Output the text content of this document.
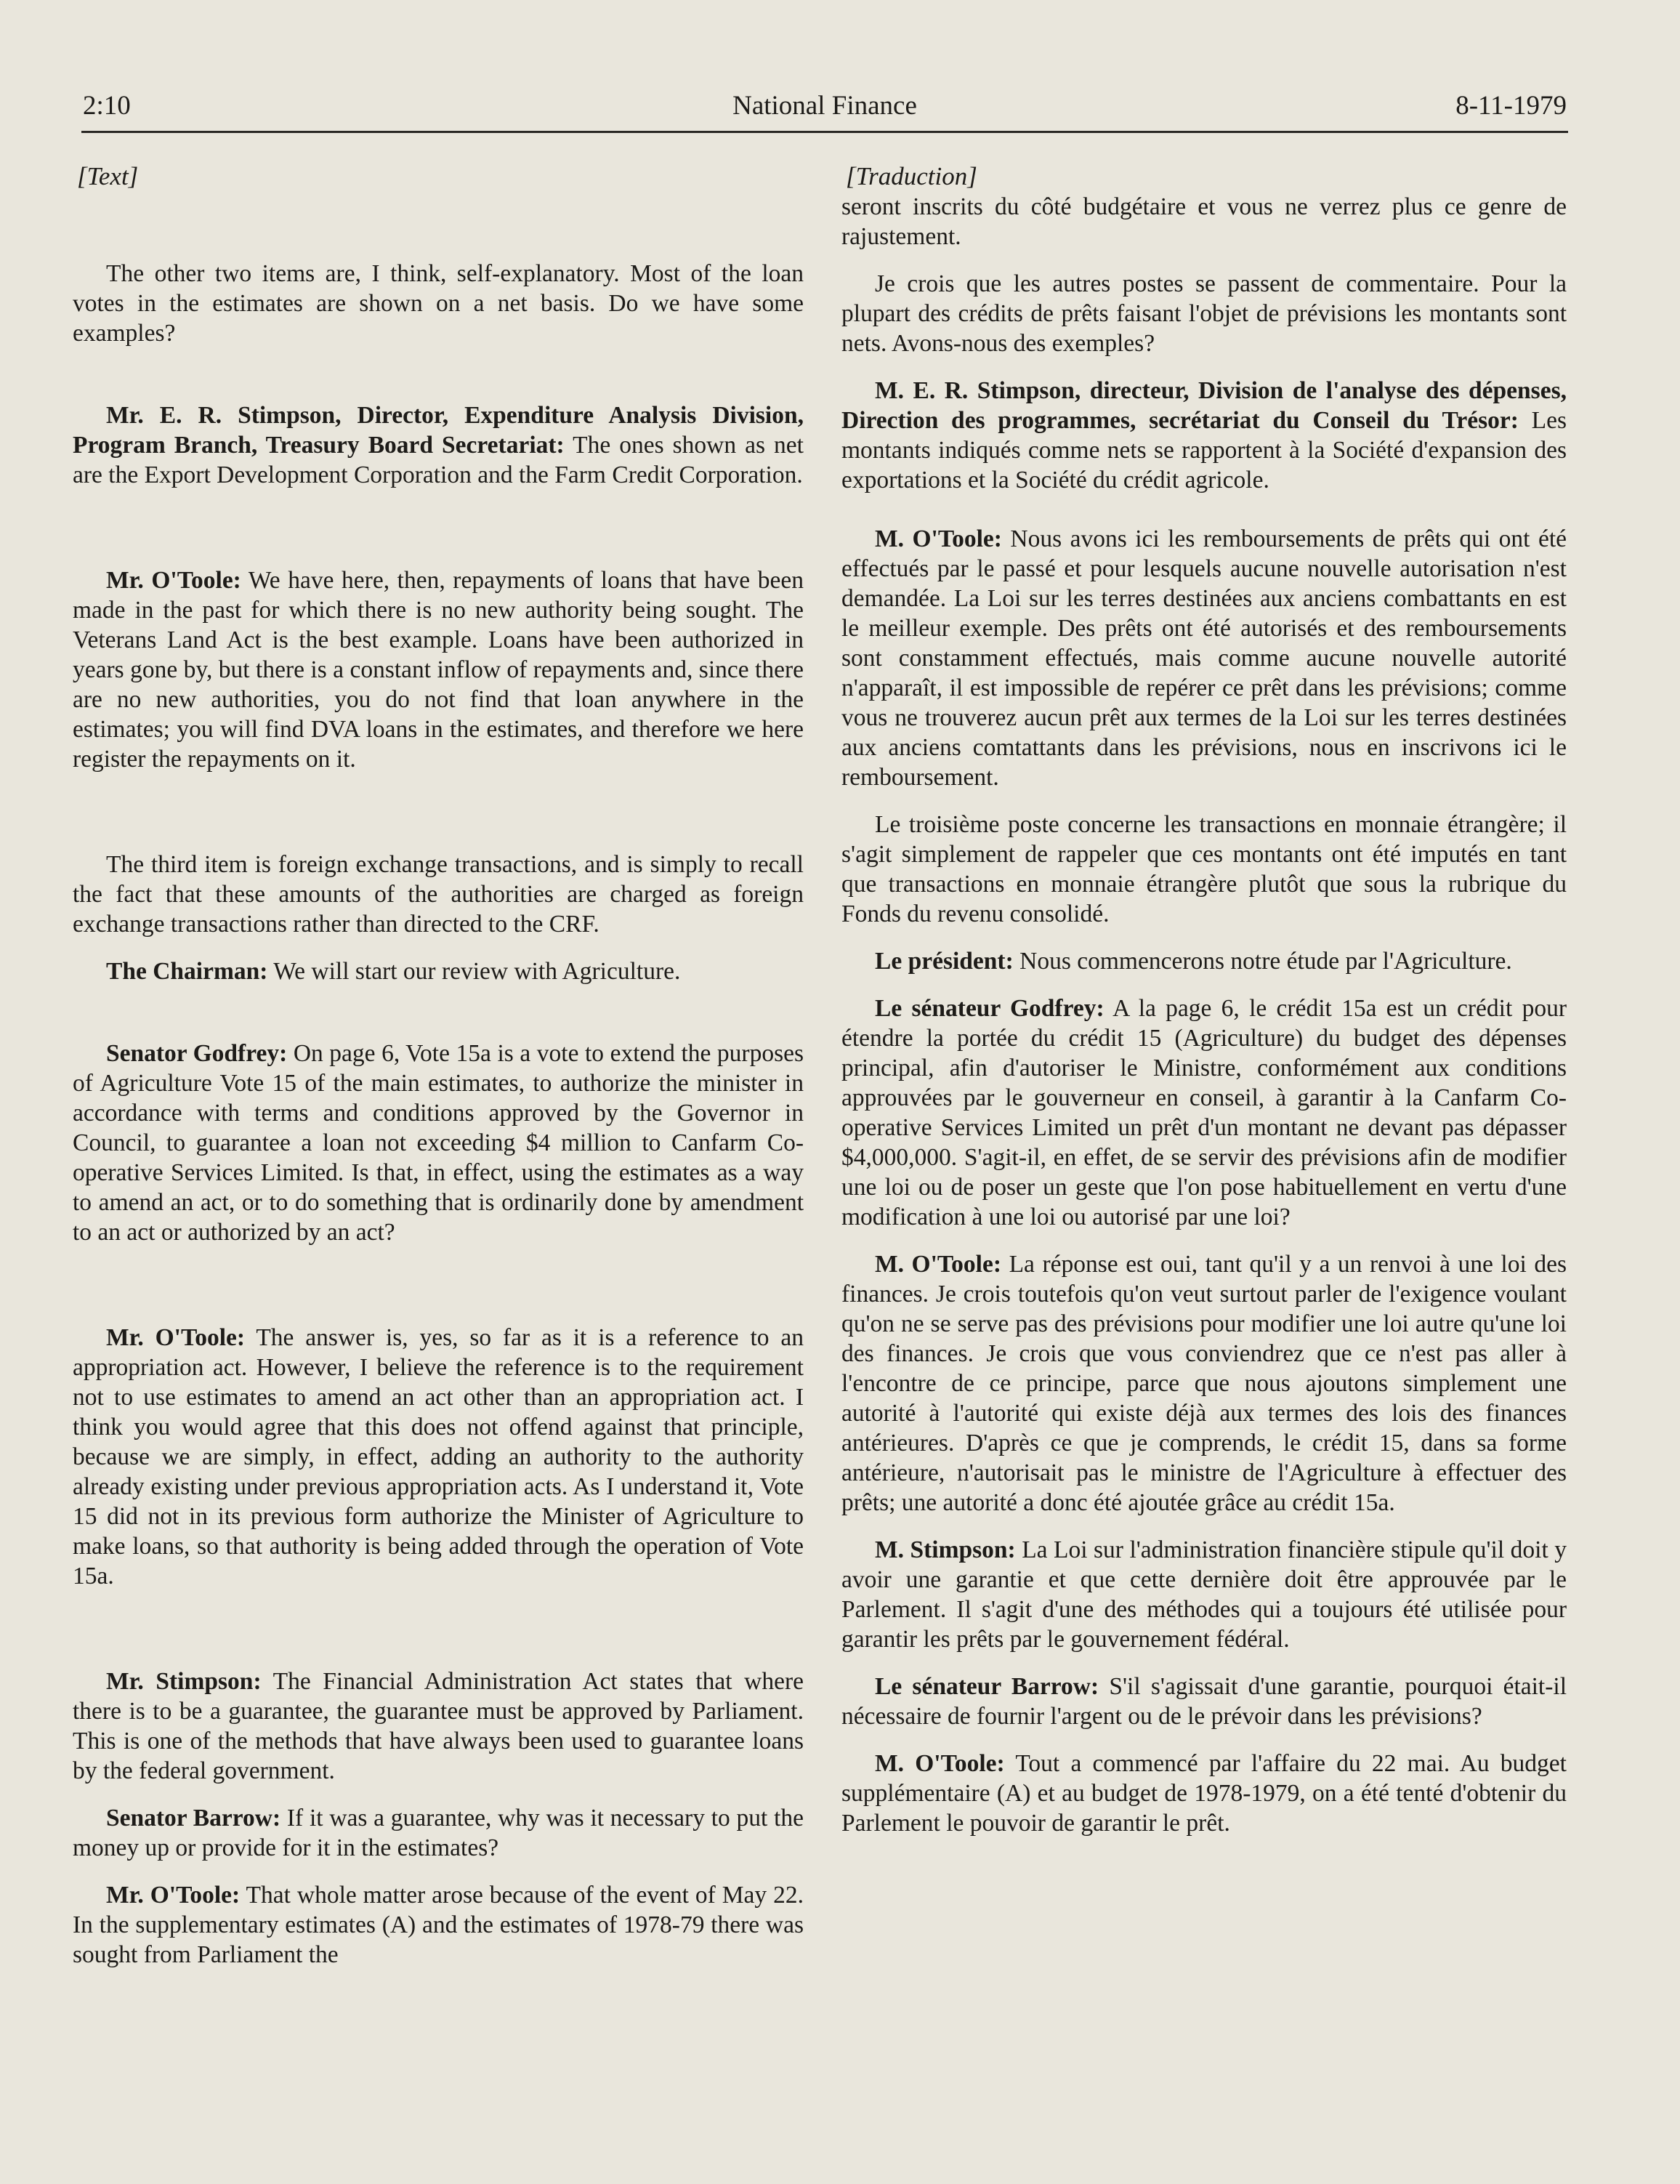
2:10	National Finance	8-11-1979
[Text]

The other two items are, I think, self-explanatory. Most of the loan votes in the estimates are shown on a net basis. Do we have some examples?

Mr. E. R. Stimpson, Director, Expenditure Analysis Division, Program Branch, Treasury Board Secretariat: The ones shown as net are the Export Development Corporation and the Farm Credit Corporation.

Mr. O'Toole: We have here, then, repayments of loans that have been made in the past for which there is no new authority being sought. The Veterans Land Act is the best example. Loans have been authorized in years gone by, but there is a constant inflow of repayments and, since there are no new authorities, you do not find that loan anywhere in the estimates; you will find DVA loans in the estimates, and therefore we here register the repayments on it.

The third item is foreign exchange transactions, and is simply to recall the fact that these amounts of the authorities are charged as foreign exchange transactions rather than directed to the CRF.

The Chairman: We will start our review with Agriculture.

Senator Godfrey: On page 6, Vote 15a is a vote to extend the purposes of Agriculture Vote 15 of the main estimates, to authorize the minister in accordance with terms and conditions approved by the Governor in Council, to guarantee a loan not exceeding $4 million to Canfarm Co-operative Services Limited. Is that, in effect, using the estimates as a way to amend an act, or to do something that is ordinarily done by amendment to an act or authorized by an act?

Mr. O'Toole: The answer is, yes, so far as it is a reference to an appropriation act. However, I believe the reference is to the requirement not to use estimates to amend an act other than an appropriation act. I think you would agree that this does not offend against that principle, because we are simply, in effect, adding an authority to the authority already existing under previous appropriation acts. As I understand it, Vote 15 did not in its previous form authorize the Minister of Agriculture to make loans, so that authority is being added through the operation of Vote 15a.

Mr. Stimpson: The Financial Administration Act states that where there is to be a guarantee, the guarantee must be approved by Parliament. This is one of the methods that have always been used to guarantee loans by the federal government.

Senator Barrow: If it was a guarantee, why was it necessary to put the money up or provide for it in the estimates?

Mr. O'Toole: That whole matter arose because of the event of May 22. In the supplementary estimates (A) and the estimates of 1978-79 there was sought from Parliament the

[Traduction]

seront inscrits du côté budgétaire et vous ne verrez plus ce genre de rajustement.

Je crois que les autres postes se passent de commentaire. Pour la plupart des crédits de prêts faisant l'objet de prévisions les montants sont nets. Avons-nous des exemples?

M. E. R. Stimpson, directeur, Division de l'analyse des dépenses, Direction des programmes, secrétariat du Conseil du Trésor: Les montants indiqués comme nets se rapportent à la Société d'expansion des exportations et la Société du crédit agricole.

M. O'Toole: Nous avons ici les remboursements de prêts qui ont été effectués par le passé et pour lesquels aucune nouvelle autorisation n'est demandée. La Loi sur les terres destinées aux anciens combattants en est le meilleur exemple. Des prêts ont été autorisés et des remboursements sont constamment effectués, mais comme aucune nouvelle autorité n'apparaît, il est impossible de repérer ce prêt dans les prévisions; comme vous ne trouverez aucun prêt aux termes de la Loi sur les terres destinées aux anciens comtattants dans les prévisions, nous en inscrivons ici le remboursement.

Le troisième poste concerne les transactions en monnaie étrangère; il s'agit simplement de rappeler que ces montants ont été imputés en tant que transactions en monnaie étrangère plutôt que sous la rubrique du Fonds du revenu consolidé.

Le président: Nous commencerons notre étude par l'Agriculture.

Le sénateur Godfrey: A la page 6, le crédit 15a est un crédit pour étendre la portée du crédit 15 (Agriculture) du budget des dépenses principal, afin d'autoriser le Ministre, conformément aux conditions approuvées par le gouverneur en conseil, à garantir à la Canfarm Co-operative Services Limited un prêt d'un montant ne devant pas dépasser $4,000,000. S'agit-il, en effet, de se servir des prévisions afin de modifier une loi ou de poser un geste que l'on pose habituellement en vertu d'une modification à une loi ou autorisé par une loi?

M. O'Toole: La réponse est oui, tant qu'il y a un renvoi à une loi des finances. Je crois toutefois qu'on veut surtout parler de l'exigence voulant qu'on ne se serve pas des prévisions pour modifier une loi autre qu'une loi des finances. Je crois que vous conviendrez que ce n'est pas aller à l'encontre de ce principe, parce que nous ajoutons simplement une autorité à l'autorité qui existe déjà aux termes des lois des finances antérieures. D'après ce que je comprends, le crédit 15, dans sa forme antérieure, n'autorisait pas le ministre de l'Agriculture à effectuer des prêts; une autorité a donc été ajoutée grâce au crédit 15a.

M. Stimpson: La Loi sur l'administration financière stipule qu'il doit y avoir une garantie et que cette dernière doit être approuvée par le Parlement. Il s'agit d'une des méthodes qui a toujours été utilisée pour garantir les prêts par le gouvernement fédéral.

Le sénateur Barrow: S'il s'agissait d'une garantie, pourquoi était-il nécessaire de fournir l'argent ou de le prévoir dans les prévisions?

M. O'Toole: Tout a commencé par l'affaire du 22 mai. Au budget supplémentaire (A) et au budget de 1978-1979, on a été tenté d'obtenir du Parlement le pouvoir de garantir le prêt.
